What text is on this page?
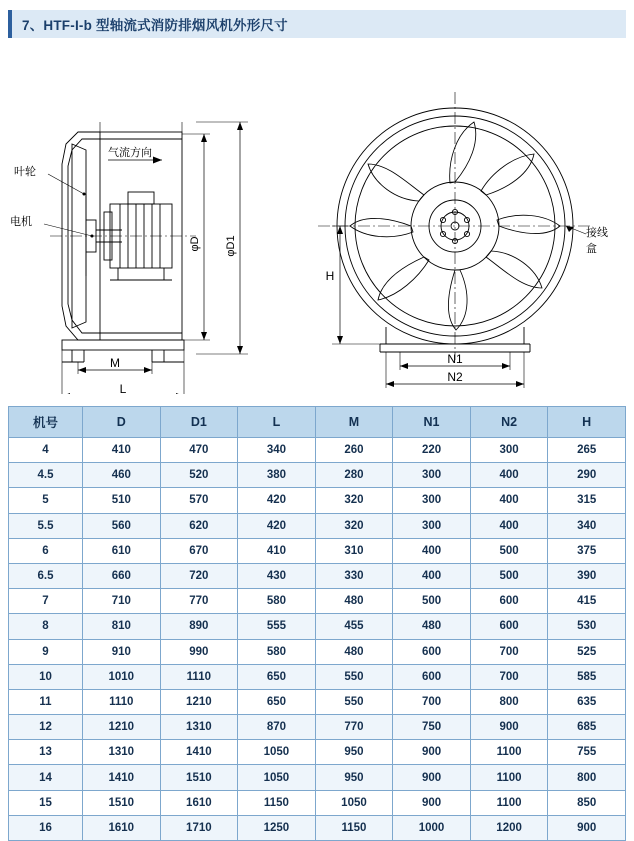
7、HTF-I-b 型轴流式消防排烟风机外形尺寸
叶轮
电机
气流方向
接线
盒
φD φD1
M
L
H
N1
N2
机号	D	D1	L	M	N1	N2	H
4	410	470	340	260	220	300	265
4.5	460	520	380	280	300	400	290
5	510	570	420	320	300	400	315
5.5	560	620	420	320	300	400	340
6	610	670	410	310	400	500	375
6.5	660	720	430	330	400	500	390
7	710	770	580	480	500	600	415
8	810	890	555	455	480	600	530
9	910	990	580	480	600	700	525
10	1010	1110	650	550	600	700	585
11	1110	1210	650	550	700	800	635
12	1210	1310	870	770	750	900	685
13	1310	1410	1050	950	900	1100	755
14	1410	1510	1050	950	900	1100	800
15	1510	1610	1150	1050	900	1100	850
16	1610	1710	1250	1150	1000	1200	900
